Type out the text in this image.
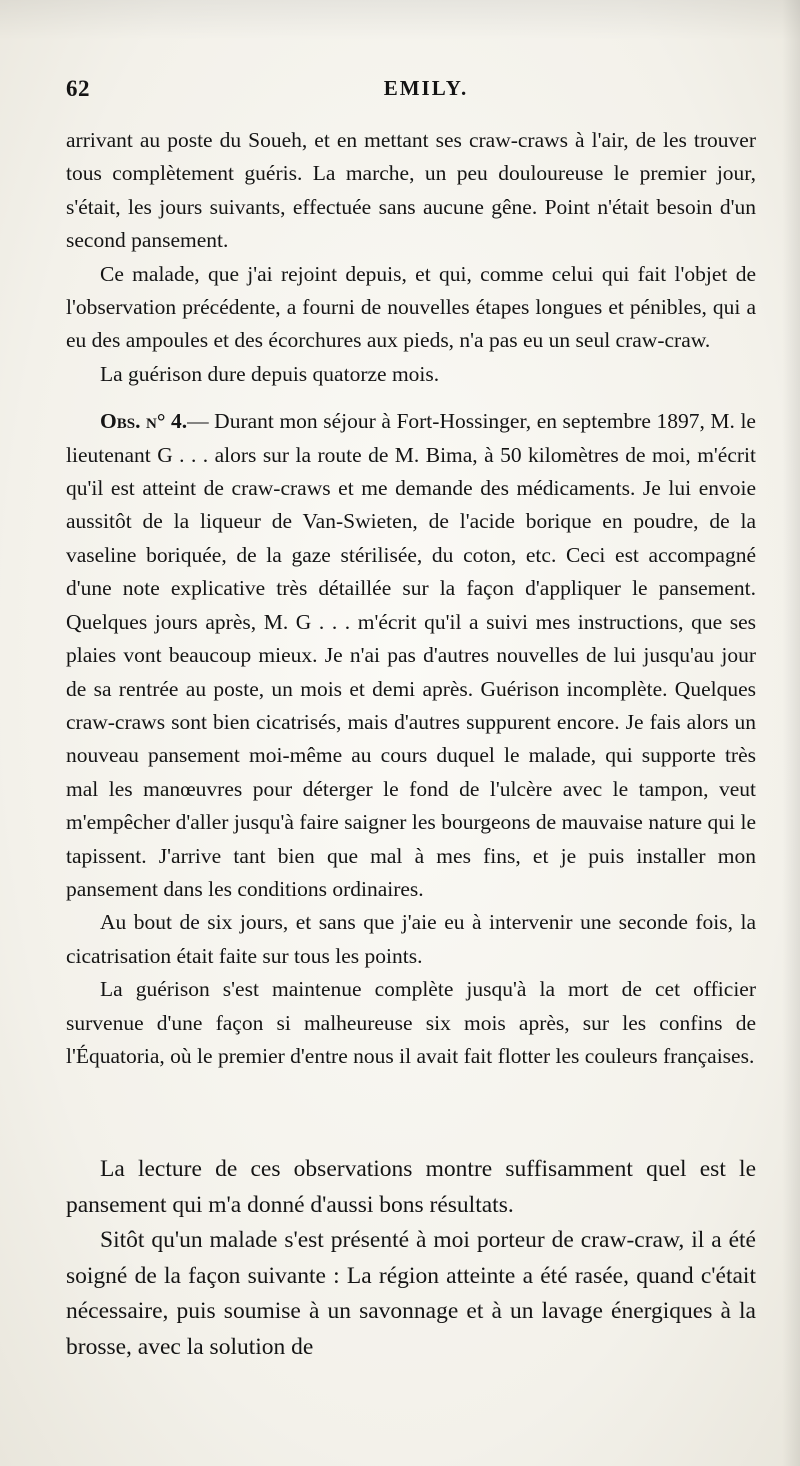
62	EMILY.

arrivant au poste du Soueh, et en mettant ses craw-craws à l'air, de les trouver tous complètement guéris. La marche, un peu douloureuse le premier jour, s'était, les jours suivants, effectuée sans aucune gêne. Point n'était besoin d'un second pansement.

Ce malade, que j'ai rejoint depuis, et qui, comme celui qui fait l'objet de l'observation précédente, a fourni de nouvelles étapes longues et pénibles, qui a eu des ampoules et des écorchures aux pieds, n'a pas eu un seul craw-craw.

La guérison dure depuis quatorze mois.

Obs. n° 4.— Durant mon séjour à Fort-Hossinger, en septembre 1897, M. le lieutenant G . . . alors sur la route de M. Bima, à 50 kilomètres de moi, m'écrit qu'il est atteint de craw-craws et me demande des médicaments. Je lui envoie aussitôt de la liqueur de Van-Swieten, de l'acide borique en poudre, de la vaseline boriquée, de la gaze stérilisée, du coton, etc. Ceci est accompagné d'une note explicative très détaillée sur la façon d'appliquer le pansement. Quelques jours après, M. G . . . m'écrit qu'il a suivi mes instructions, que ses plaies vont beaucoup mieux. Je n'ai pas d'autres nouvelles de lui jusqu'au jour de sa rentrée au poste, un mois et demi après. Guérison incomplète. Quelques craw-craws sont bien cicatrisés, mais d'autres suppurent encore. Je fais alors un nouveau pansement moi-même au cours duquel le malade, qui supporte très mal les manœuvres pour déterger le fond de l'ulcère avec le tampon, veut m'empêcher d'aller jusqu'à faire saigner les bourgeons de mauvaise nature qui le tapissent. J'arrive tant bien que mal à mes fins, et je puis installer mon pansement dans les conditions ordinaires.

Au bout de six jours, et sans que j'aie eu à intervenir une seconde fois, la cicatrisation était faite sur tous les points.

La guérison s'est maintenue complète jusqu'à la mort de cet officier survenue d'une façon si malheureuse six mois après, sur les confins de l'Équatoria, où le premier d'entre nous il avait fait flotter les couleurs françaises.

La lecture de ces observations montre suffisamment quel est le pansement qui m'a donné d'aussi bons résultats.

Sitôt qu'un malade s'est présenté à moi porteur de craw-craw, il a été soigné de la façon suivante : La région atteinte a été rasée, quand c'était nécessaire, puis soumise à un savonnage et à un lavage énergiques à la brosse, avec la solution de
